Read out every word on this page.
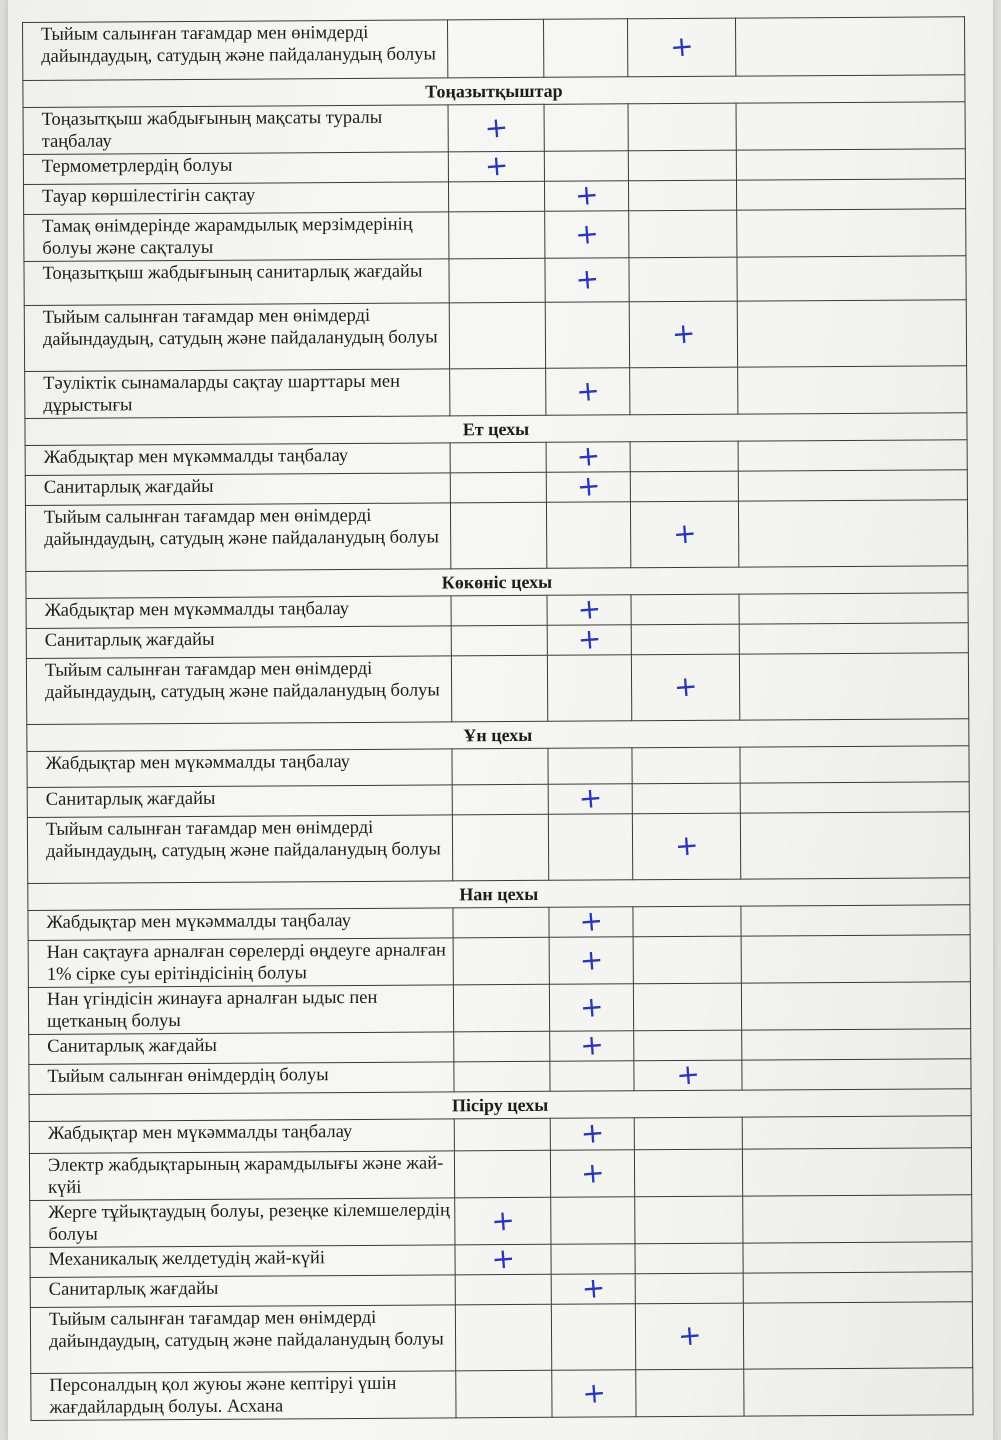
Тыйым салынған тағамдар мен өнімдерді дайындаудың, сатудың және пайдаланудың болуы			+	
Тоңазытқыштар				
Тоңазытқыш жабдығының мақсаты туралы таңбалау	+			
Термометрлердің болуы	+			
Тауар көршілестігін сақтау		+		
Тамақ өнімдерінде жарамдылық мерзімдерінің болуы және сақталуы		+		
Тоңазытқыш жабдығының санитарлық жағдайы		+		
Тыйым салынған тағамдар мен өнімдерді дайындаудың, сатудың және пайдаланудың болуы			+	
Тәуліктік сынамаларды сақтау шарттары мен дұрыстығы		+		
Ет цехы				
Жабдықтар мен мүкәммалды таңбалау		+		
Санитарлық жағдайы		+		
Тыйым салынған тағамдар мен өнімдерді дайындаудың, сатудың және пайдаланудың болуы			+	
Көкөніс цехы				
Жабдықтар мен мүкәммалды таңбалау		+		
Санитарлық жағдайы		+		
Тыйым салынған тағамдар мен өнімдерді дайындаудың, сатудың және пайдаланудың болуы			+	
Ұн цехы				
Жабдықтар мен мүкәммалды таңбалау				
Санитарлық жағдайы		+		
Тыйым салынған тағамдар мен өнімдерді дайындаудың, сатудың және пайдаланудың болуы			+	
Нан цехы				
Жабдықтар мен мүкәммалды таңбалау		+		
Нан сақтауға арналған сөрелерді өңдеуге арналған 1% сірке суы ерітіндісінің болуы		+		
Нан үгіндісін жинауға арналған ыдыс пен щетканың болуы		+		
Санитарлық жағдайы		+		
Тыйым салынған өнімдердің болуы			+	
Пісіру цехы				
Жабдықтар мен мүкәммалды таңбалау		+		
Электр жабдықтарының жарамдылығы және жай-күйі		+		
Жерге тұйықтаудың болуы, резеңке кілемшелердің болуы	+			
Механикалық желдетудің жай-күйі	+			
Санитарлық жағдайы		+		
Тыйым салынған тағамдар мен өнімдерді дайындаудың, сатудың және пайдаланудың болуы			+	
Персоналдың қол жуюы және кептіруі үшін жағдайлардың болуы. Асхана		+		
